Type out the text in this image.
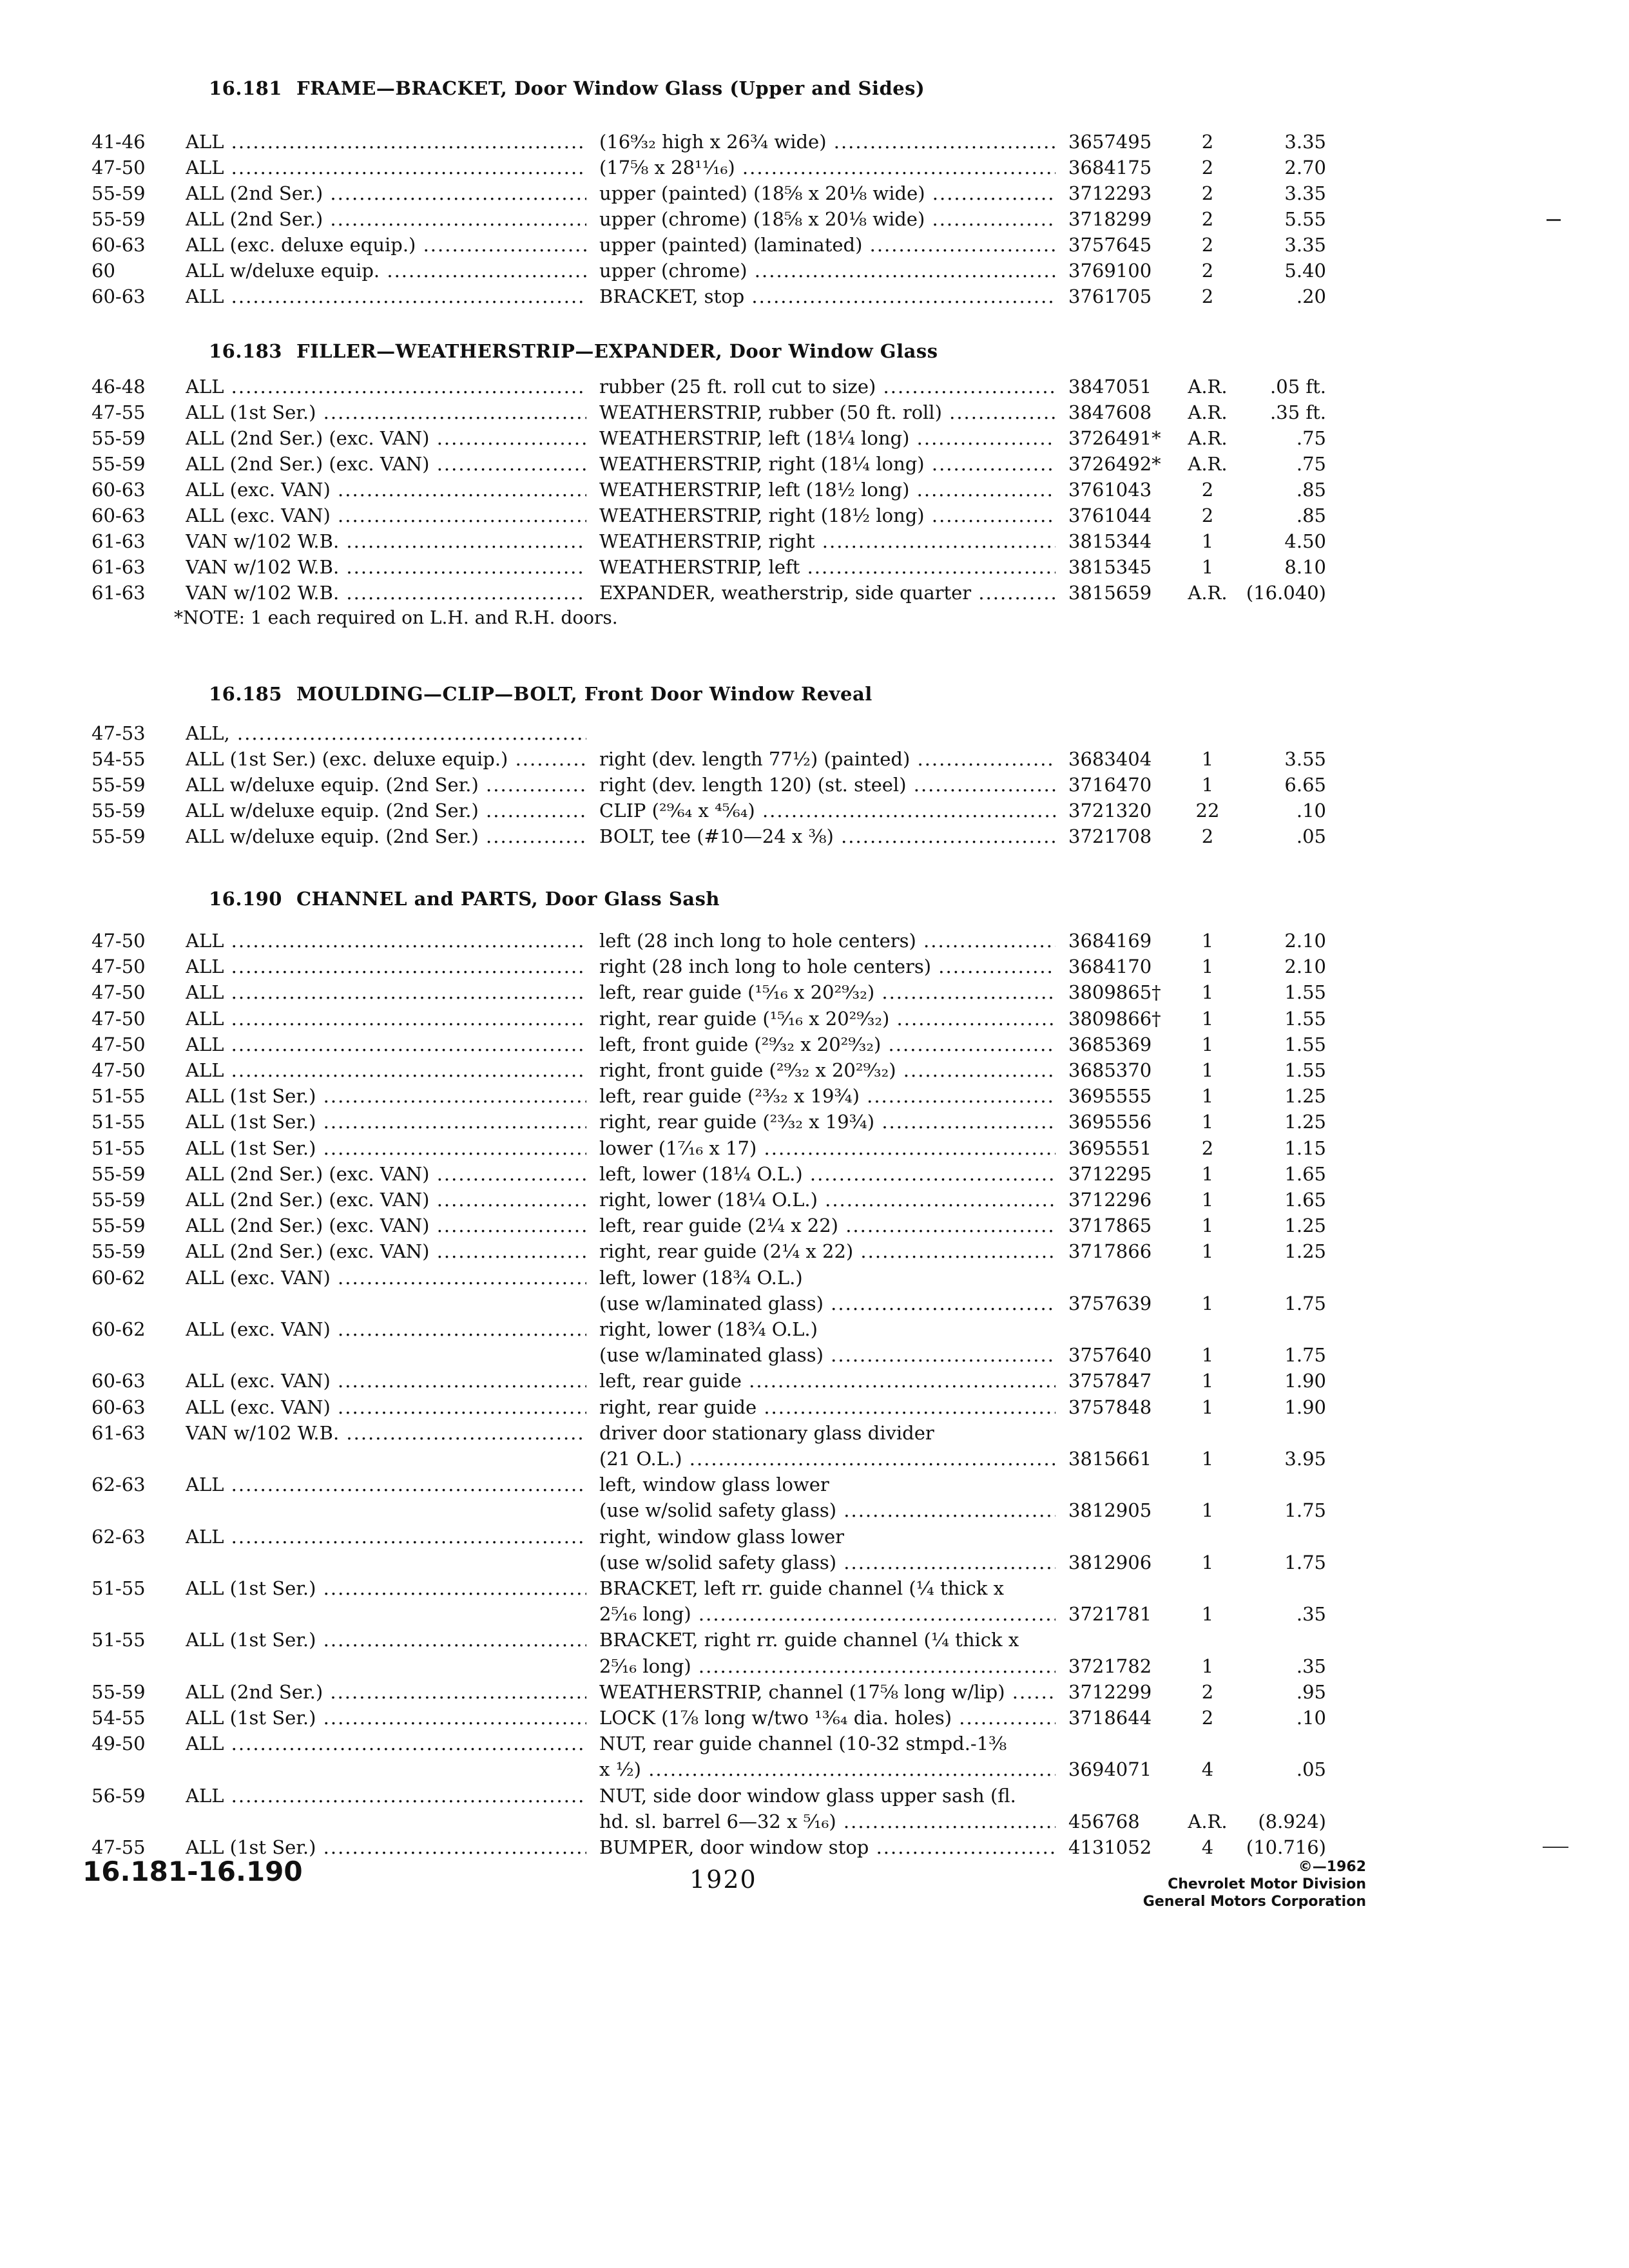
16.181 FRAME—BRACKET, Door Window Glass (Upper and Sides)
41-46	ALL .....	(16⁹⁄₃₂ high x 26¾ wide) .....	3657495	2	3.35
47-50	ALL .....	(17⅝ x 28¹¹⁄₁₆) .....	3684175	2	2.70
55-59	ALL (2nd Ser.) .....	upper (painted) (18⅝ x 20⅛ wide) .....	3712293	2	3.35
55-59	ALL (2nd Ser.) .....	upper (chrome) (18⅝ x 20⅛ wide) .....	3718299	2	5.55
60-63	ALL (exc. deluxe equip.) .....	upper (painted) (laminated) .....	3757645	2	3.35
60	ALL w/deluxe equip. .....	upper (chrome) .....	3769100	2	5.40
60-63	ALL .....	BRACKET, stop .....	3761705	2	.20
16.183 FILLER—WEATHERSTRIP—EXPANDER, Door Window Glass
46-48	ALL .....	rubber (25 ft. roll cut to size) .....	3847051	A.R.	.05 ft.
47-55	ALL (1st Ser.) .....	WEATHERSTRIP, rubber (50 ft. roll) .....	3847608	A.R.	.35 ft.
55-59	ALL (2nd Ser.) (exc. VAN) .....	WEATHERSTRIP, left (18¼ long) .....	3726491*	A.R.	.75
55-59	ALL (2nd Ser.) (exc. VAN) .....	WEATHERSTRIP, right (18¼ long) .....	3726492*	A.R.	.75
60-63	ALL (exc. VAN) .....	WEATHERSTRIP, left (18½ long) .....	3761043	2	.85
60-63	ALL (exc. VAN) .....	WEATHERSTRIP, right (18½ long) .....	3761044	2	.85
61-63	VAN w/102 W.B. .....	WEATHERSTRIP, right .....	3815344	1	4.50
61-63	VAN w/102 W.B. .....	WEATHERSTRIP, left .....	3815345	1	8.10
61-63	VAN w/102 W.B. .....	EXPANDER, weatherstrip, side quarter .....	3815659	A.R.	(16.040)
*NOTE: 1 each required on L.H. and R.H. doors.
16.185 MOULDING—CLIP—BOLT, Front Door Window Reveal
47-53	ALL, .....
54-55	ALL (1st Ser.) (exc. deluxe equip.) .....	right (dev. length 77½) (painted) .....	3683404	1	3.55
55-59	ALL w/deluxe equip. (2nd Ser.) .....	right (dev. length 120) (st. steel) .....	3716470	1	6.65
55-59	ALL w/deluxe equip. (2nd Ser.) .....	CLIP (²⁹⁄₆₄ x ⁴⁵⁄₆₄) .....	3721320	22	.10
55-59	ALL w/deluxe equip. (2nd Ser.) .....	BOLT, tee (#10—24 x ⅜) .....	3721708	2	.05
16.190 CHANNEL and PARTS, Door Glass Sash
47-50	ALL .....	left (28 inch long to hole centers) .....	3684169	1	2.10
47-50	ALL .....	right (28 inch long to hole centers) .....	3684170	1	2.10
47-50	ALL .....	left, rear guide (¹⁵⁄₁₆ x 20²⁹⁄₃₂) .....	3809865†	1	1.55
47-50	ALL .....	right, rear guide (¹⁵⁄₁₆ x 20²⁹⁄₃₂) .....	3809866†	1	1.55
47-50	ALL .....	left, front guide (²⁹⁄₃₂ x 20²⁹⁄₃₂) .....	3685369	1	1.55
47-50	ALL .....	right, front guide (²⁹⁄₃₂ x 20²⁹⁄₃₂) .....	3685370	1	1.55
51-55	ALL (1st Ser.) .....	left, rear guide (²³⁄₃₂ x 19¾) .....	3695555	1	1.25
51-55	ALL (1st Ser.) .....	right, rear guide (²³⁄₃₂ x 19¾) .....	3695556	1	1.25
51-55	ALL (1st Ser.) .....	lower (1⁷⁄₁₆ x 17) .....	3695551	2	1.15
55-59	ALL (2nd Ser.) (exc. VAN) .....	left, lower (18¼ O.L.) .....	3712295	1	1.65
55-59	ALL (2nd Ser.) (exc. VAN) .....	right, lower (18¼ O.L.) .....	3712296	1	1.65
55-59	ALL (2nd Ser.) (exc. VAN) .....	left, rear guide (2¼ x 22) .....	3717865	1	1.25
55-59	ALL (2nd Ser.) (exc. VAN) .....	right, rear guide (2¼ x 22) .....	3717866	1	1.25
60-62	ALL (exc. VAN) .....	left, lower (18¾ O.L.)
(use w/laminated glass) .....	3757639	1	1.75
60-62	ALL (exc. VAN) .....	right, lower (18¾ O.L.)
(use w/laminated glass) .....	3757640	1	1.75
60-63	ALL (exc. VAN) .....	left, rear guide .....	3757847	1	1.90
60-63	ALL (exc. VAN) .....	right, rear guide .....	3757848	1	1.90
61-63	VAN w/102 W.B. .....	driver door stationary glass divider
(21 O.L.) .....	3815661	1	3.95
62-63	ALL .....	left, window glass lower
(use w/solid safety glass) .....	3812905	1	1.75
62-63	ALL .....	right, window glass lower
(use w/solid safety glass) .....	3812906	1	1.75
51-55	ALL (1st Ser.) .....	BRACKET, left rr. guide channel (¼ thick x
2⁵⁄₁₆ long) .....	3721781	1	.35
51-55	ALL (1st Ser.) .....	BRACKET, right rr. guide channel (¼ thick x
2⁵⁄₁₆ long) .....	3721782	1	.35
55-59	ALL (2nd Ser.) .....	WEATHERSTRIP, channel (17⅝ long w/lip) .....	3712299	2	.95
54-55	ALL (1st Ser.) .....	LOCK (1⅞ long w/two ¹³⁄₆₄ dia. holes) .....	3718644	2	.10
49-50	ALL .....	NUT, rear guide channel (10-32 stmpd.-1⅜
x ½) .....	3694071	4	.05
56-59	ALL .....	NUT, side door window glass upper sash (fl.
hd. sl. barrel 6—32 x ⁵⁄₁₆) .....	456768	A.R.	(8.924)
47-55	ALL (1st Ser.) .....	BUMPER, door window stop .....	4131052	4	(10.716)
16.181-16.190	1920	©—1962
Chevrolet Motor Division
General Motors Corporation
